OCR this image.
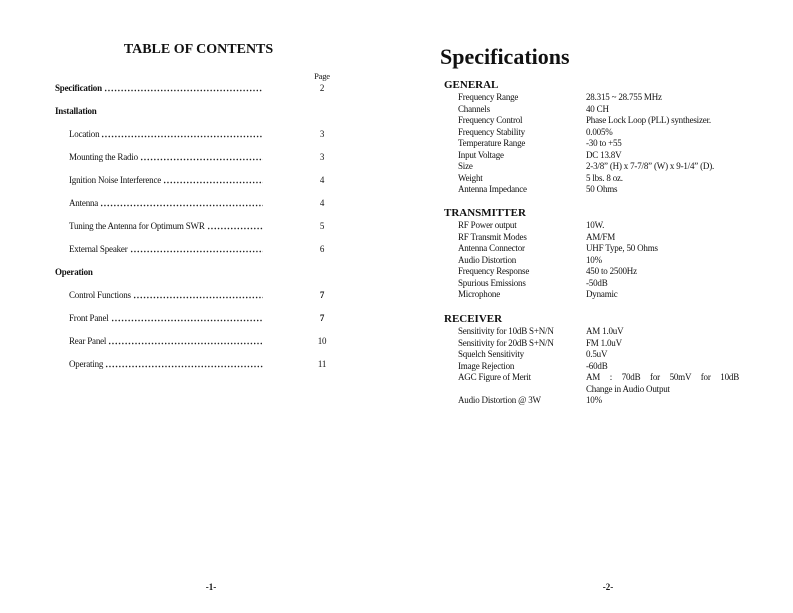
TABLE OF CONTENTS
Page
Specification	2
Installation
Location	3
Mounting the Radio	3
Ignition Noise Interference	4
Antenna	4
Tuning the Antenna for Optimum SWR	5
External Speaker	6
Operation
Control Functions	7
Front Panel	7
Rear Panel	10
Operating	11
-1-
Specifications
GENERAL
Frequency Range	28.315 ~ 28.755 MHz
Channels	40 CH
Frequency Control	Phase Lock Loop (PLL) synthesizer.
Frequency Stability	0.005%
Temperature Range	-30 to +55
Input Voltage	DC 13.8V
Size	2-3/8” (H) x 7-7/8” (W) x 9-1/4” (D).
Weight	5 lbs. 8 oz.
Antenna Impedance	50 Ohms
TRANSMITTER
RF Power output	10W.
RF Transmit Modes	AM/FM
Antenna Connector	UHF Type, 50 Ohms
Audio Distortion	10%
Frequency Response	450 to 2500Hz
Spurious Emissions	-50dB
Microphone	Dynamic
RECEIVER
Sensitivity for 10dB S+N/N	AM 1.0uV
Sensitivity for 20dB S+N/N	FM 1.0uV
Squelch Sensitivity	0.5uV
Image Rejection	-60dB
AGC Figure of Merit	AM : 70dB for 50mV for 10dB
Change in Audio Output
Audio Distortion @ 3W	10%
-2-
